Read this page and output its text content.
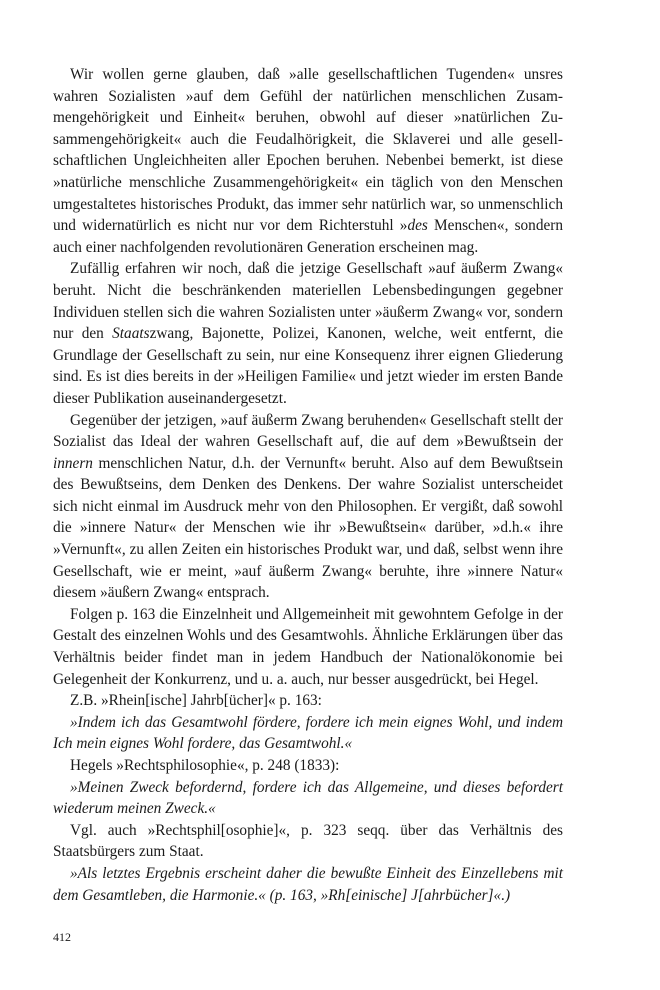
Wir wollen gerne glauben, daß »alle gesellschaftlichen Tugenden« unsres wahren Sozialisten »auf dem Gefühl der natürlichen menschlichen Zusammengehörigkeit und Einheit« beruhen, obwohl auf dieser »natürlichen Zusammengehörigkeit« auch die Feudalhörigkeit, die Sklaverei und alle gesellschaftlichen Ungleichheiten aller Epochen beruhen. Nebenbei bemerkt, ist diese »natürliche menschliche Zusammengehörigkeit« ein täglich von den Menschen umgestaltetes historisches Produkt, das immer sehr natürlich war, so unmenschlich und widernatürlich es nicht nur vor dem Richterstuhl »des Menschen«, sondern auch einer nachfolgenden revolutionären Generation erscheinen mag.

Zufällig erfahren wir noch, daß die jetzige Gesellschaft »auf äußerm Zwang« beruht. Nicht die beschränkenden materiellen Lebensbedingungen gegebner Individuen stellen sich die wahren Sozialisten unter »äußerm Zwang« vor, sondern nur den Staatszwang, Bajonette, Polizei, Kanonen, welche, weit entfernt, die Grundlage der Gesellschaft zu sein, nur eine Konsequenz ihrer eignen Gliederung sind. Es ist dies bereits in der »Heiligen Familie« und jetzt wieder im ersten Bande dieser Publikation auseinandergesetzt.

Gegenüber der jetzigen, »auf äußerm Zwang beruhenden« Gesellschaft stellt der Sozialist das Ideal der wahren Gesellschaft auf, die auf dem »Bewußtsein der innern menschlichen Natur, d.h. der Vernunft« beruht. Also auf dem Bewußtsein des Bewußtseins, dem Denken des Denkens. Der wahre Sozialist unterscheidet sich nicht einmal im Ausdruck mehr von den Philosophen. Er vergißt, daß sowohl die »innere Natur« der Menschen wie ihr »Bewußtsein« darüber, »d.h.« ihre »Vernunft«, zu allen Zeiten ein historisches Produkt war, und daß, selbst wenn ihre Gesellschaft, wie er meint, »auf äußerm Zwang« beruhte, ihre »innere Natur« diesem »äußern Zwang« entsprach.

Folgen p. 163 die Einzelnheit und Allgemeinheit mit gewohntem Gefolge in der Gestalt des einzelnen Wohls und des Gesamtwohls. Ähnliche Erklärungen über das Verhältnis beider findet man in jedem Handbuch der Nationalökonomie bei Gelegenheit der Konkurrenz, und u. a. auch, nur besser ausgedrückt, bei Hegel.

Z.B. »Rhein[ische] Jahrb[ücher]« p. 163:

»Indem ich das Gesamtwohl fördere, fordere ich mein eignes Wohl, und indem Ich mein eignes Wohl fordere, das Gesamtwohl.«

Hegels »Rechtsphilosophie«, p. 248 (1833):

»Meinen Zweck befordernd, fordere ich das Allgemeine, und dieses befordert wiederum meinen Zweck.«

Vgl. auch »Rechtsphil[osophie]«, p. 323 seqq. über das Verhältnis des Staatsbürgers zum Staat.

»Als letztes Ergebnis erscheint daher die bewußte Einheit des Einzellebens mit dem Gesamtleben, die Harmonie.« (p. 163, »Rh[einische] J[ahrbücher]«.)

412
